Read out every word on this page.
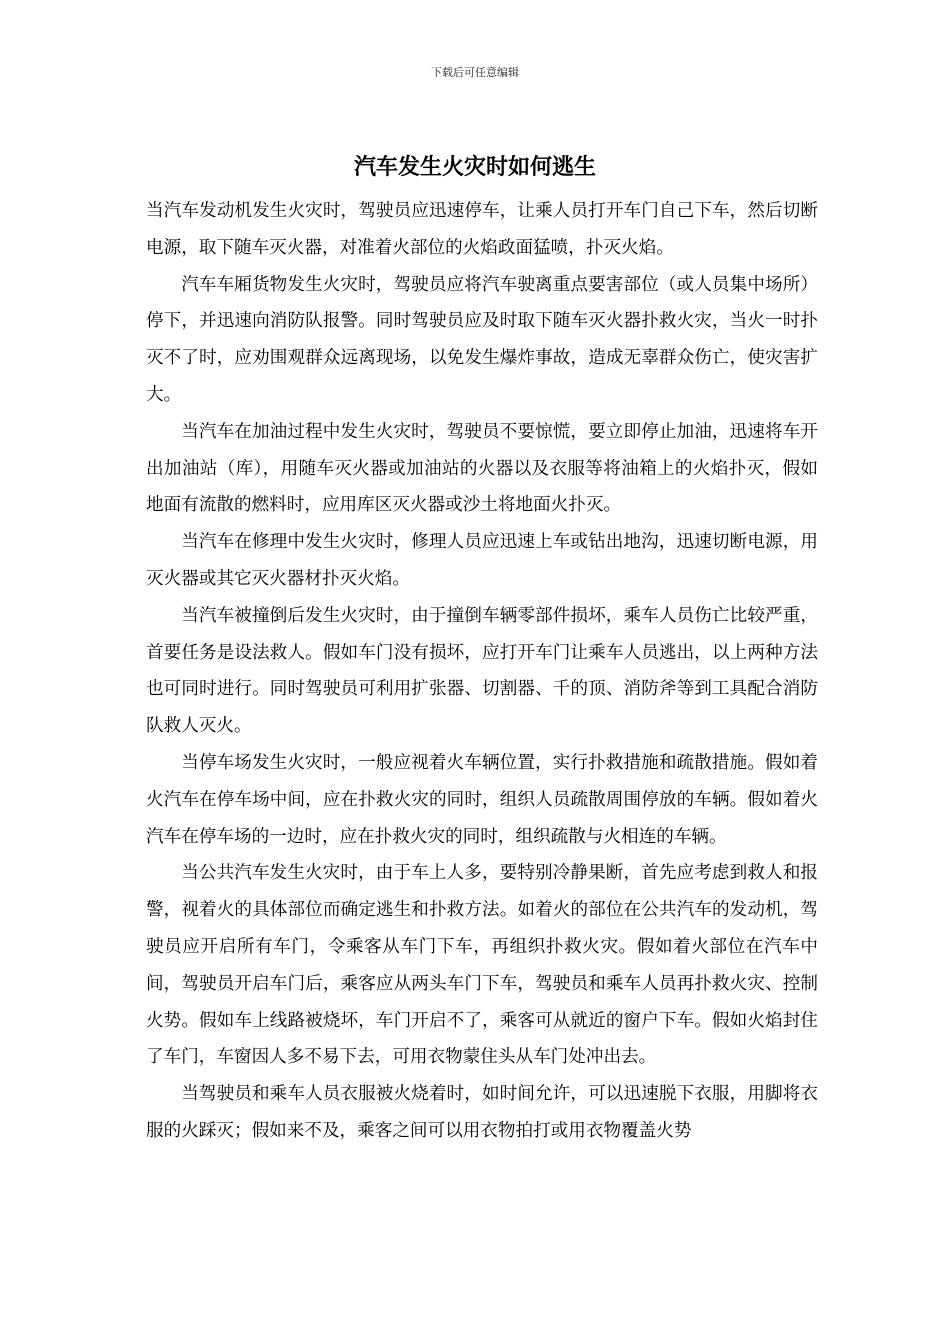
下载后可任意编辑
汽车发生火灾时如何逃生

当汽车发动机发生火灾时，驾驶员应迅速停车，让乘人员打开车门自己下车，然后切断电源，取下随车灭火器，对准着火部位的火焰政面猛喷，扑灭火焰。

汽车车厢货物发生火灾时，驾驶员应将汽车驶离重点要害部位（或人员集中场所）停下，并迅速向消防队报警。同时驾驶员应及时取下随车灭火器扑救火灾，当火一时扑灭不了时，应劝围观群众远离现场，以免发生爆炸事故，造成无辜群众伤亡，使灾害扩大。

当汽车在加油过程中发生火灾时，驾驶员不要惊慌，要立即停止加油，迅速将车开出加油站（库），用随车灭火器或加油站的火器以及衣服等将油箱上的火焰扑灭，假如地面有流散的燃料时，应用库区灭火器或沙土将地面火扑灭。

当汽车在修理中发生火灾时，修理人员应迅速上车或钻出地沟，迅速切断电源，用灭火器或其它灭火器材扑灭火焰。

当汽车被撞倒后发生火灾时，由于撞倒车辆零部件损坏，乘车人员伤亡比较严重，首要任务是设法救人。假如车门没有损坏，应打开车门让乘车人员逃出，以上两种方法也可同时进行。同时驾驶员可利用扩张器、切割器、千的顶、消防斧等到工具配合消防队救人灭火。

当停车场发生火灾时，一般应视着火车辆位置，实行扑救措施和疏散措施。假如着火汽车在停车场中间，应在扑救火灾的同时，组织人员疏散周围停放的车辆。假如着火汽车在停车场的一边时，应在扑救火灾的同时，组织疏散与火相连的车辆。

当公共汽车发生火灾时，由于车上人多，要特别冷静果断，首先应考虑到救人和报警，视着火的具体部位而确定逃生和扑救方法。如着火的部位在公共汽车的发动机，驾驶员应开启所有车门，令乘客从车门下车，再组织扑救火灾。假如着火部位在汽车中间，驾驶员开启车门后，乘客应从两头车门下车，驾驶员和乘车人员再扑救火灾、控制火势。假如车上线路被烧坏，车门开启不了，乘客可从就近的窗户下车。假如火焰封住了车门，车窗因人多不易下去，可用衣物蒙住头从车门处冲出去。

当驾驶员和乘车人员衣服被火烧着时，如时间允许，可以迅速脱下衣服，用脚将衣服的火踩灭；假如来不及，乘客之间可以用衣物拍打或用衣物覆盖火势
